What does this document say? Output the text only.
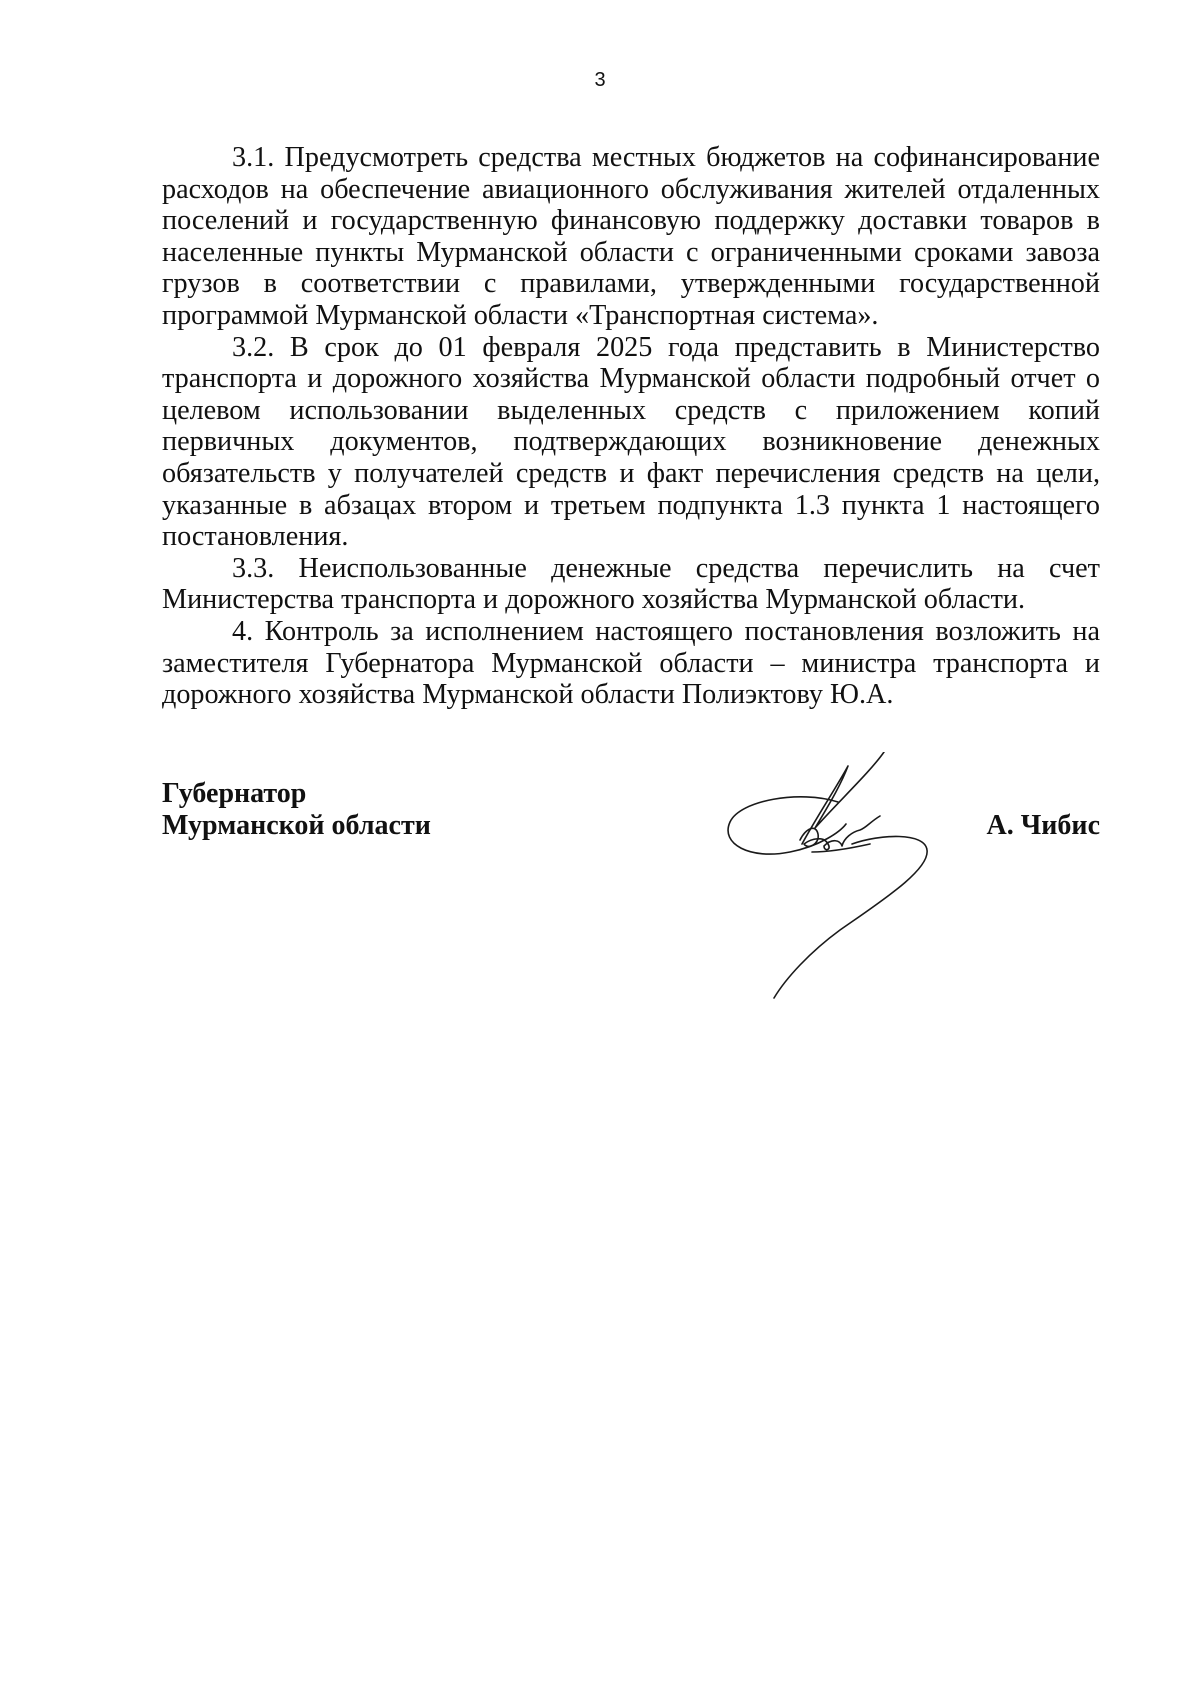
3

3.1. Предусмотреть средства местных бюджетов на софинансирование расходов на обеспечение авиационного обслуживания жителей отдаленных поселений и государственную финансовую поддержку доставки товаров в населенные пункты Мурманской области с ограниченными сроками завоза грузов в соответствии с правилами, утвержденными государственной программой Мурманской области «Транспортная система».

3.2. В срок до 01 февраля 2025 года представить в Министерство транспорта и дорожного хозяйства Мурманской области подробный отчет о целевом использовании выделенных средств с приложением копий первичных документов, подтверждающих возникновение денежных обязательств у получателей средств и факт перечисления средств на цели, указанные в абзацах втором и третьем подпункта 1.3 пункта 1 настоящего постановления.

3.3. Неиспользованные денежные средства перечислить на счет Министерства транспорта и дорожного хозяйства Мурманской области.

4. Контроль за исполнением настоящего постановления возложить на заместителя Губернатора Мурманской области – министра транспорта и дорожного хозяйства Мурманской области Полиэктову Ю.А.

Губернатор
Мурманской области	А. Чибис
